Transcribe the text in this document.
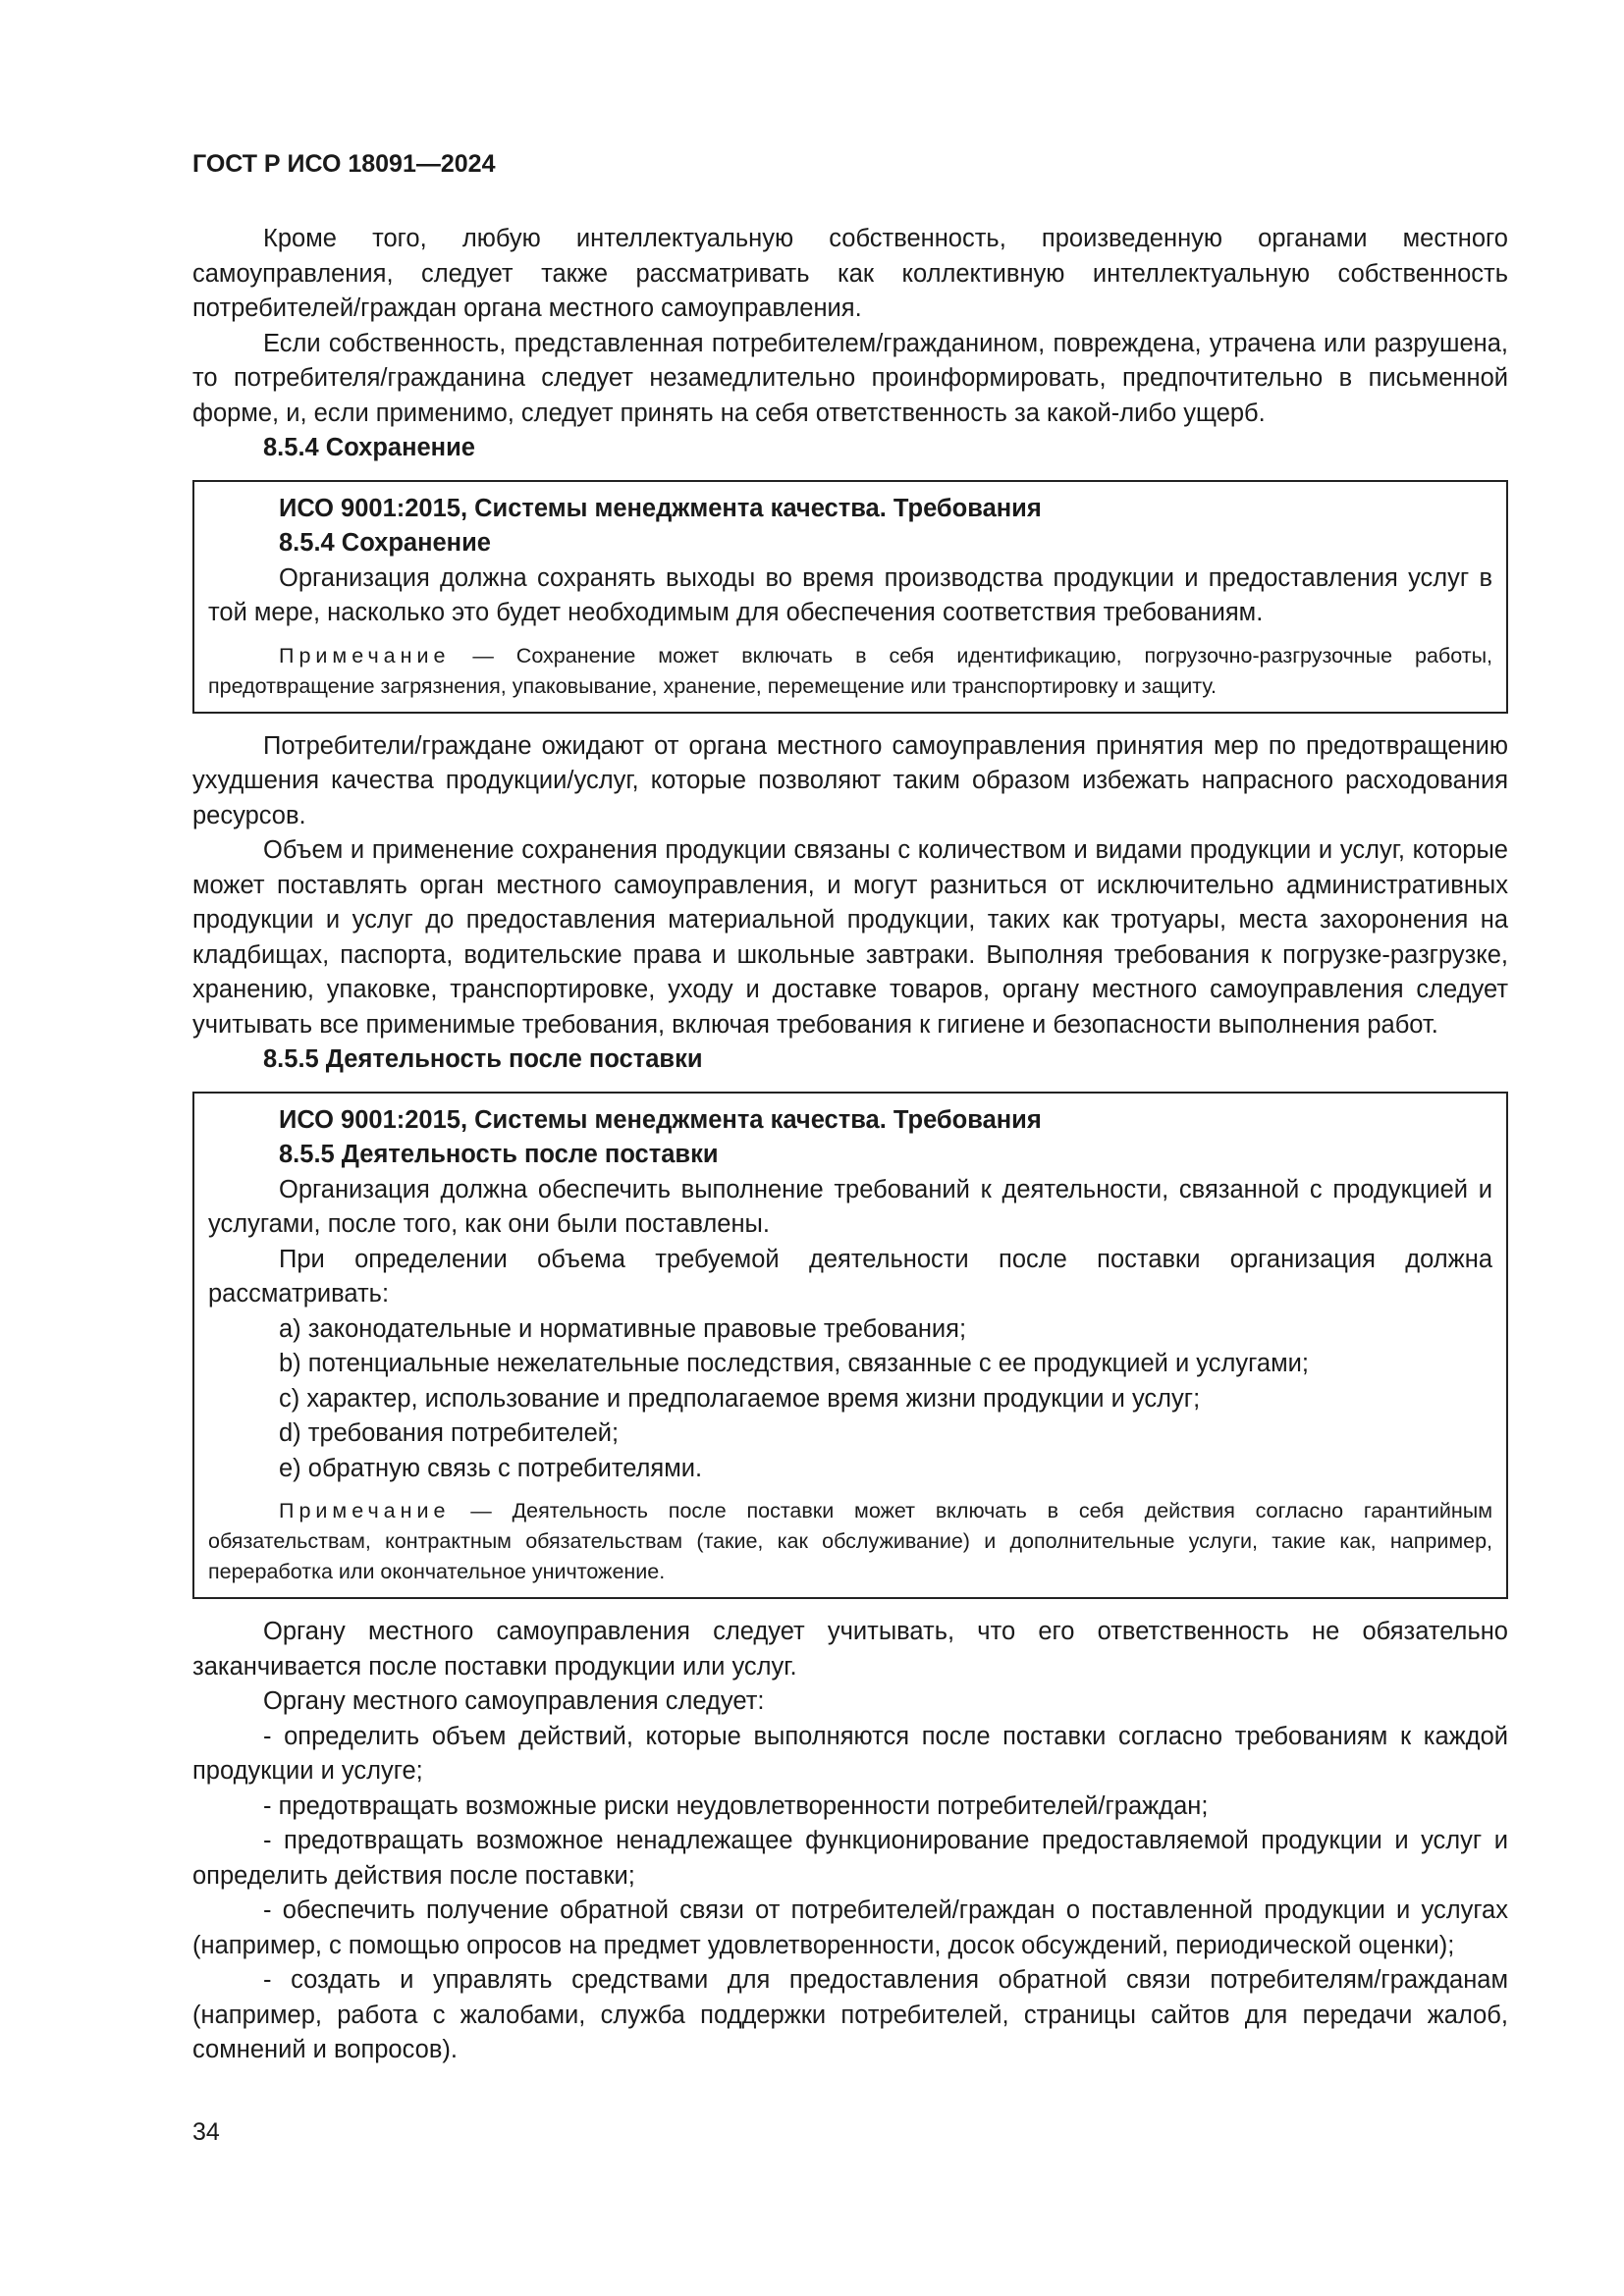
ГОСТ Р ИСО 18091—2024

Кроме того, любую интеллектуальную собственность, произведенную органами местного самоуправления, следует также рассматривать как коллективную интеллектуальную собственность потребителей/граждан органа местного самоуправления.

Если собственность, представленная потребителем/гражданином, повреждена, утрачена или разрушена, то потребителя/гражданина следует незамедлительно проинформировать, предпочтительно в письменной форме, и, если применимо, следует принять на себя ответственность за какой-либо ущерб.

8.5.4 Сохранение

ИСО 9001:2015, Системы менеджмента качества. Требования

8.5.4 Сохранение

Организация должна сохранять выходы во время производства продукции и предоставления услуг в той мере, насколько это будет необходимым для обеспечения соответствия требованиям.

Примечание — Сохранение может включать в себя идентификацию, погрузочно-разгрузочные работы, предотвращение загрязнения, упаковывание, хранение, перемещение или транспортировку и защиту.

Потребители/граждане ожидают от органа местного самоуправления принятия мер по предотвращению ухудшения качества продукции/услуг, которые позволяют таким образом избежать напрасного расходования ресурсов.

Объем и применение сохранения продукции связаны с количеством и видами продукции и услуг, которые может поставлять орган местного самоуправления, и могут разниться от исключительно административных продукции и услуг до предоставления материальной продукции, таких как тротуары, места захоронения на кладбищах, паспорта, водительские права и школьные завтраки. Выполняя требования к погрузке-разгрузке, хранению, упаковке, транспортировке, уходу и доставке товаров, органу местного самоуправления следует учитывать все применимые требования, включая требования к гигиене и безопасности выполнения работ.

8.5.5 Деятельность после поставки

ИСО 9001:2015, Системы менеджмента качества. Требования

8.5.5 Деятельность после поставки

Организация должна обеспечить выполнение требований к деятельности, связанной с продукцией и услугами, после того, как они были поставлены.

При определении объема требуемой деятельности после поставки организация должна рассматривать:

a) законодательные и нормативные правовые требования;
b) потенциальные нежелательные последствия, связанные с ее продукцией и услугами;
c) характер, использование и предполагаемое время жизни продукции и услуг;
d) требования потребителей;
e) обратную связь с потребителями.
Примечание — Деятельность после поставки может включать в себя действия согласно гарантийным обязательствам, контрактным обязательствам (такие, как обслуживание) и дополнительные услуги, такие как, например, переработка или окончательное уничтожение.

Органу местного самоуправления следует учитывать, что его ответственность не обязательно заканчивается после поставки продукции или услуг.

Органу местного самоуправления следует:

- определить объем действий, которые выполняются после поставки согласно требованиям к каждой продукции и услуге;

- предотвращать возможные риски неудовлетворенности потребителей/граждан;

- предотвращать возможное ненадлежащее функционирование предоставляемой продукции и услуг и определить действия после поставки;

- обеспечить получение обратной связи от потребителей/граждан о поставленной продукции и услугах (например, с помощью опросов на предмет удовлетворенности, досок обсуждений, периодической оценки);

- создать и управлять средствами для предоставления обратной связи потребителям/гражданам (например, работа с жалобами, служба поддержки потребителей, страницы сайтов для передачи жалоб, сомнений и вопросов).

34
